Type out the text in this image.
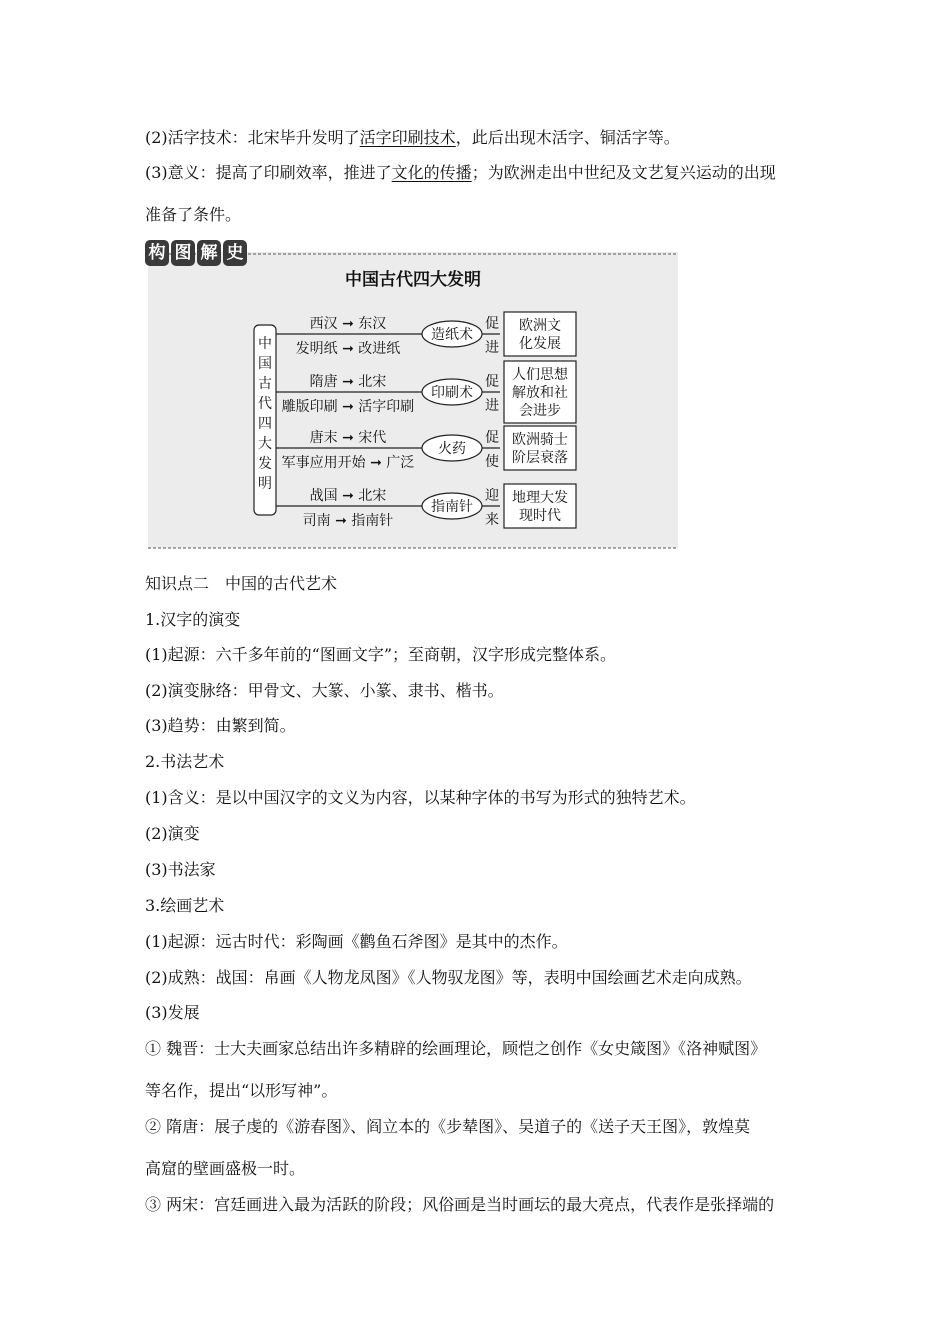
(2)活字技术：北宋毕升发明了活字印刷技术，此后出现木活字、铜活字等。
(3)意义：提高了印刷效率，推进了文化的传播；为欧洲走出中世纪及文艺复兴运动的出现
准备了条件。
中国古代四大发明
中
国
古
代
四
大
发
明
西汉 ➞ 东汉
发明纸 ➞ 改进纸
造纸术
促
进
欧洲文
化发展
隋唐 ➞ 北宋
雕版印刷 ➞ 活字印刷
印刷术
促
进
人们思想
解放和社
会进步
唐末 ➞ 宋代
军事应用开始 ➞ 广泛
火药
促
使
欧洲骑士
阶层衰落
战国 ➞ 北宋
司南 ➞ 指南针
指南针
迎
来
地理大发
现时代
构 图 解 史
知识点二　中国的古代艺术
1.汉字的演变
(1)起源：六千多年前的“图画文字”；至商朝，汉字形成完整体系。
(2)演变脉络：甲骨文、大篆、小篆、隶书、楷书。
(3)趋势：由繁到简。
2.书法艺术
(1)含义：是以中国汉字的文义为内容，以某种字体的书写为形式的独特艺术。
(2)演变
(3)书法家
3.绘画艺术
(1)起源：远古时代：彩陶画《鹳鱼石斧图》是其中的杰作。
(2)成熟：战国：帛画《人物龙凤图》《人物驭龙图》等，表明中国绘画艺术走向成熟。
(3)发展
① 魏晋：士大夫画家总结出许多精辟的绘画理论，顾恺之创作《女史箴图》《洛神赋图》
等名作，提出“以形写神”。
② 隋唐：展子虔的《游春图》、阎立本的《步辇图》、吴道子的《送子天王图》，敦煌莫
高窟的壁画盛极一时。
③ 两宋：宫廷画进入最为活跃的阶段；风俗画是当时画坛的最大亮点，代表作是张择端的
